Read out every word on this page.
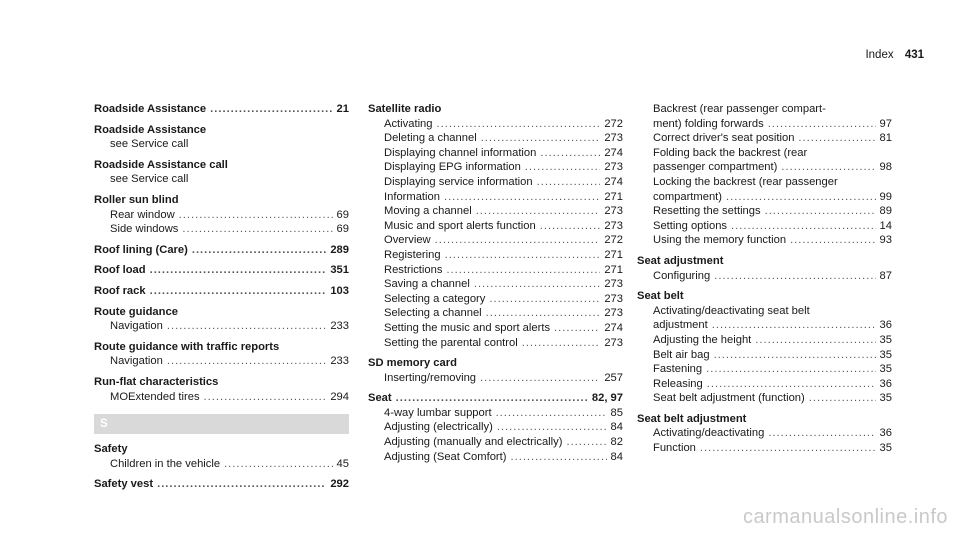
Index 431
Roadside Assistance .....	21
Roadside Assistance
see Service call
Roadside Assistance call
see Service call
Roller sun blind
Rear window .....	69
Side windows .....	69
Roof lining (Care) .....	289
Roof load .....	351
Roof rack .....	103
Route guidance
Navigation .....	233
Route guidance with traffic reports
Navigation .....	233
Run-flat characteristics
MOExtended tires .....	294
S
Safety
Children in the vehicle .....	45
Safety vest .....	292
Satellite radio
Activating .....	272
Deleting a channel .....	273
Displaying channel information .....	274
Displaying EPG information .....	273
Displaying service information .....	274
Information .....	271
Moving a channel .....	273
Music and sport alerts function .....	273
Overview .....	272
Registering .....	271
Restrictions .....	271
Saving a channel .....	273
Selecting a category .....	273
Selecting a channel .....	273
Setting the music and sport alerts .....	274
Setting the parental control .....	273
SD memory card
Inserting/removing .....	257
Seat .....	82, 97
4-way lumbar support .....	85
Adjusting (electrically) .....	84
Adjusting (manually and electrically) .....	82
Adjusting (Seat Comfort) .....	84
Backrest (rear passenger compart-
ment) folding forwards .....	97
Correct driver's seat position .....	81
Folding back the backrest (rear
passenger compartment) .....	98
Locking the backrest (rear passenger
compartment) .....	99
Resetting the settings .....	89
Setting options .....	14
Using the memory function .....	93
Seat adjustment
Configuring .....	87
Seat belt
Activating/deactivating seat belt
adjustment .....	36
Adjusting the height .....	35
Belt air bag .....	35
Fastening .....	35
Releasing .....	36
Seat belt adjustment (function) .....	35
Seat belt adjustment
Activating/deactivating .....	36
Function .....	35
carmanualsonline.info
